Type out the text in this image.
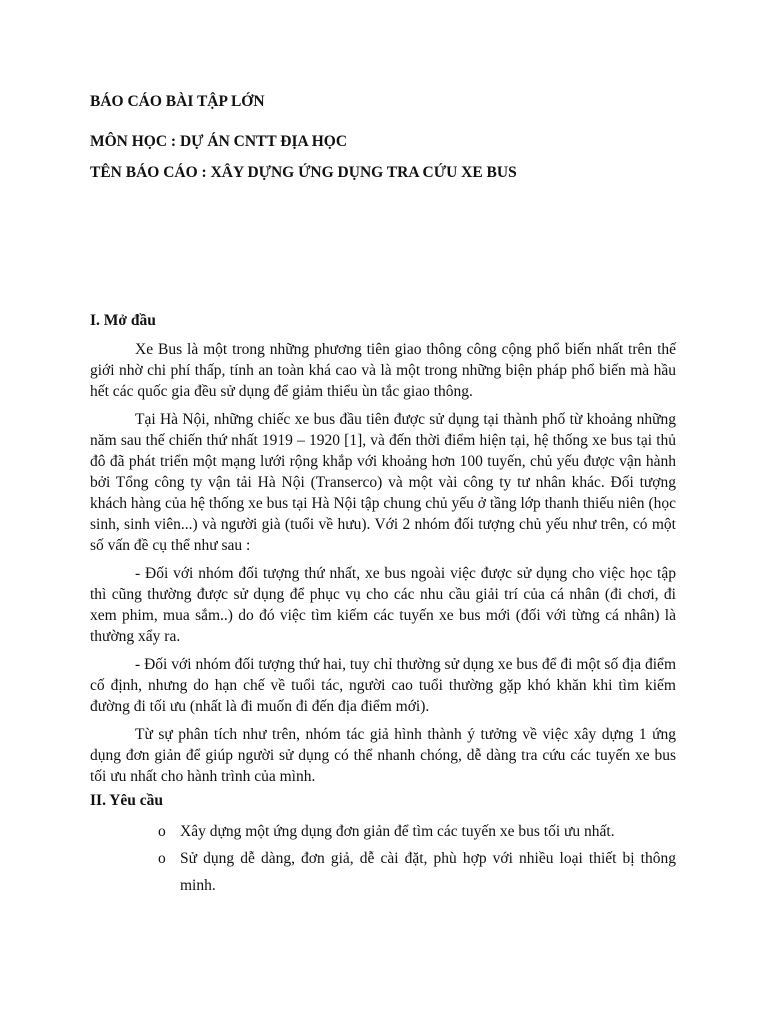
BÁO CÁO BÀI TẬP LỚN
MÔN HỌC : DỰ ÁN CNTT ĐỊA HỌC
TÊN BÁO CÁO : XÂY DỰNG ỨNG DỤNG TRA CỨU XE BUS
I. Mở đầu

Xe Bus là một trong những phương tiên giao thông công cộng phổ biến nhất trên thế giới nhờ chi phí thấp, tính an toàn khá cao và là một trong những biện pháp phổ biến mà hầu hết các quốc gia đều sử dụng để giảm thiểu ùn tắc giao thông.

Tại Hà Nội, những chiếc xe bus đầu tiên được sử dụng tại thành phố từ khoảng những năm sau thế chiến thứ nhất 1919 – 1920 [1], và đến thời điểm hiện tại, hệ thống xe bus tại thủ đô đã phát triển một mạng lưới rộng khắp với khoảng hơn 100 tuyến, chủ yếu được vận hành bởi Tổng công ty vận tải Hà Nội (Transerco) và một vài công ty tư nhân khác. Đối tượng khách hàng của hệ thống xe bus tại Hà Nội tập chung chủ yếu ở tầng lớp thanh thiếu niên (học sinh, sinh viên...) và người già (tuổi về hưu). Với 2 nhóm đối tượng chủ yếu như trên, có một số vấn đề cụ thể như sau :

- Đối với nhóm đối tượng thứ nhất, xe bus ngoài việc được sử dụng cho việc học tập thì cũng thường được sử dụng để phục vụ cho các nhu cầu giải trí của cá nhân (đi chơi, đi xem phim, mua sắm..) do đó việc tìm kiếm các tuyến xe bus mới (đối với từng cá nhân) là thường xẩy ra.

- Đối với nhóm đối tượng thứ hai, tuy chỉ thường sử dụng xe bus để đi một số địa điểm cố định, nhưng do hạn chế về tuổi tác, người cao tuổi thường gặp khó khăn khi tìm kiếm đường đi tối ưu (nhất là đi muốn đi đến địa điểm mới).

Từ sự phân tích như trên, nhóm tác giả hình thành ý tưởng về việc xây dựng 1 ứng dụng đơn giản để giúp người sử dụng có thể nhanh chóng, dễ dàng tra cứu các tuyến xe bus tối ưu nhất cho hành trình của mình.

II. Yêu cầu
o Xây dựng một ứng dụng đơn giản để tìm các tuyến xe bus tối ưu nhất.
o Sử dụng dễ dàng, đơn giả, dễ cài đặt, phù hợp với nhiều loại thiết bị thông minh.
